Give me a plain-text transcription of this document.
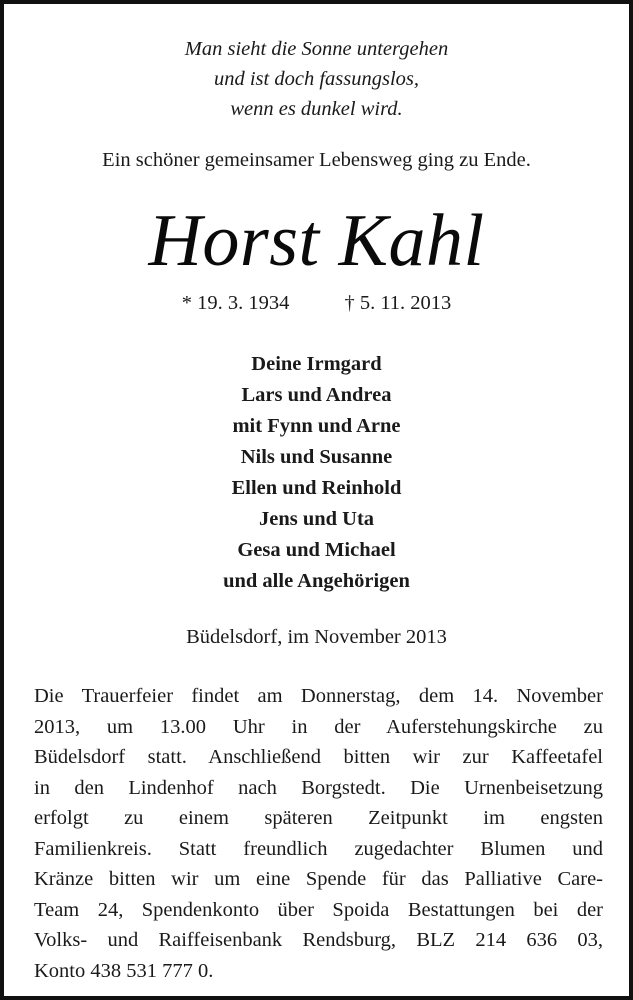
Man sieht die Sonne untergehen
und ist doch fassungslos,
wenn es dunkel wird.
Ein schöner gemeinsamer Lebensweg ging zu Ende.
Horst Kahl
* 19. 3. 1934	† 5. 11. 2013
Deine Irmgard
Lars und Andrea
mit Fynn und Arne
Nils und Susanne
Ellen und Reinhold
Jens und Uta
Gesa und Michael
und alle Angehörigen
Büdelsdorf, im November 2013
Die Trauerfeier findet am Donnerstag, dem 14. November
2013, um 13.00 Uhr in der Auferstehungskirche zu
Büdelsdorf statt. Anschließend bitten wir zur Kaffeetafel
in den Lindenhof nach Borgstedt. Die Urnenbeisetzung
erfolgt zu einem späteren Zeitpunkt im engsten
Familienkreis. Statt freundlich zugedachter Blumen und
Kränze bitten wir um eine Spende für das Palliative Care-
Team 24, Spendenkonto über Spoida Bestattungen bei der
Volks- und Raiffeisenbank Rendsburg, BLZ 214 636 03,
Konto 438 531 777 0.
